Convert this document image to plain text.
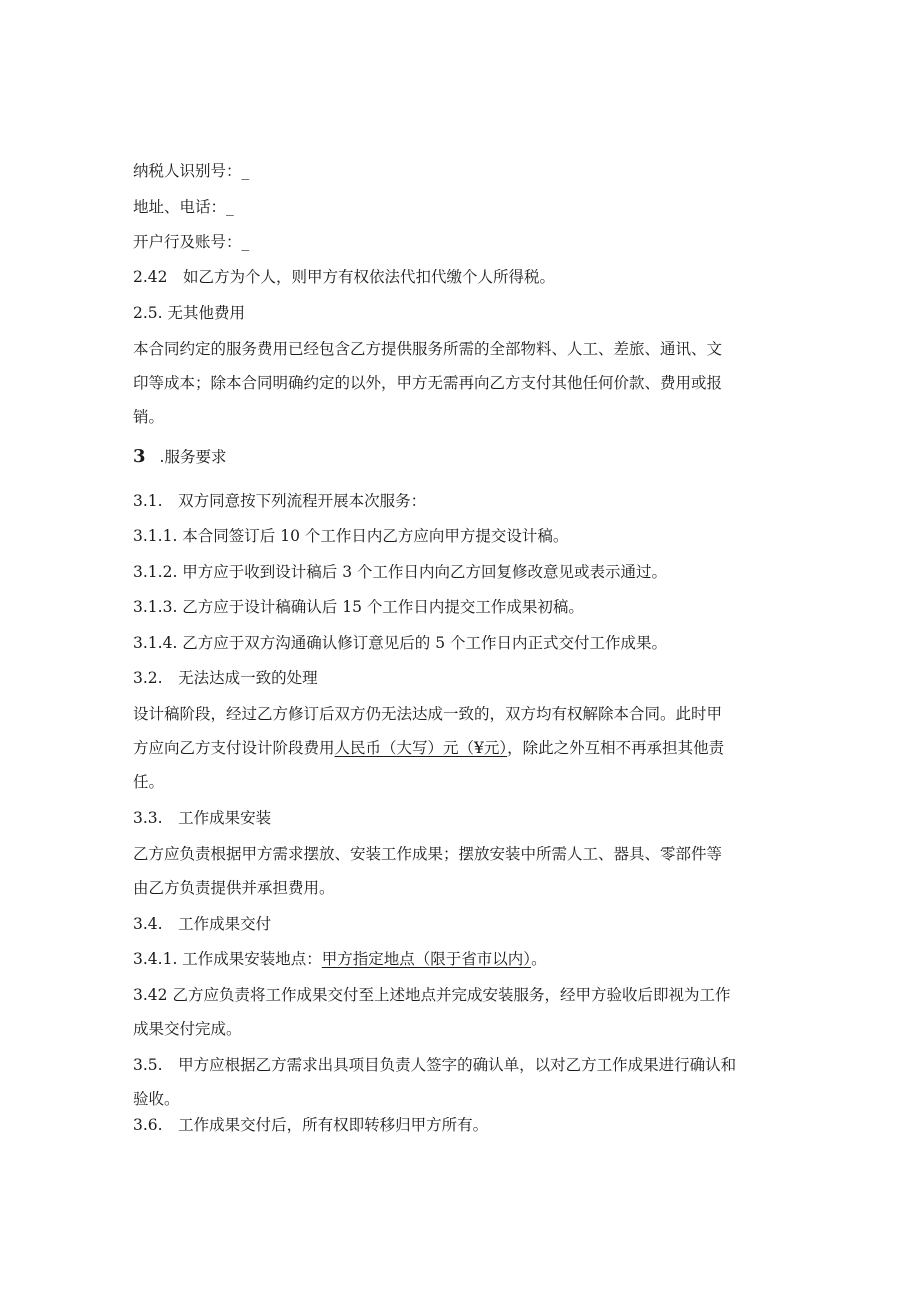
纳税人识别号：_
地址、电话：_
开户行及账号：_
2.42　如乙方为个人，则甲方有权依法代扣代缴个人所得税。
2.5. 无其他费用
本合同约定的服务费用已经包含乙方提供服务所需的全部物料、人工、差旅、通讯、文
印等成本；除本合同明确约定的以外，甲方无需再向乙方支付其他任何价款、费用或报
销。
3 .服务要求
3.1.　双方同意按下列流程开展本次服务：
3.1.1. 本合同签订后 10 个工作日内乙方应向甲方提交设计稿。
3.1.2. 甲方应于收到设计稿后 3 个工作日内向乙方回复修改意见或表示通过。
3.1.3. 乙方应于设计稿确认后 15 个工作日内提交工作成果初稿。
3.1.4. 乙方应于双方沟通确认修订意见后的 5 个工作日内正式交付工作成果。
3.2.　无法达成一致的处理
设计稿阶段，经过乙方修订后双方仍无法达成一致的，双方均有权解除本合同。此时甲
方应向乙方支付设计阶段费用人民币（大写）元（¥元），除此之外互相不再承担其他责
任。
3.3.　工作成果安装
乙方应负责根据甲方需求摆放、安装工作成果；摆放安装中所需人工、器具、零部件等
由乙方负责提供并承担费用。
3.4.　工作成果交付
3.4.1. 工作成果安装地点：甲方指定地点（限于省市以内）。
3.42 乙方应负责将工作成果交付至上述地点并完成安装服务，经甲方验收后即视为工作
成果交付完成。
3.5.　甲方应根据乙方需求出具项目负责人签字的确认单，以对乙方工作成果进行确认和
验收。
3.6.　工作成果交付后，所有权即转移归甲方所有。
